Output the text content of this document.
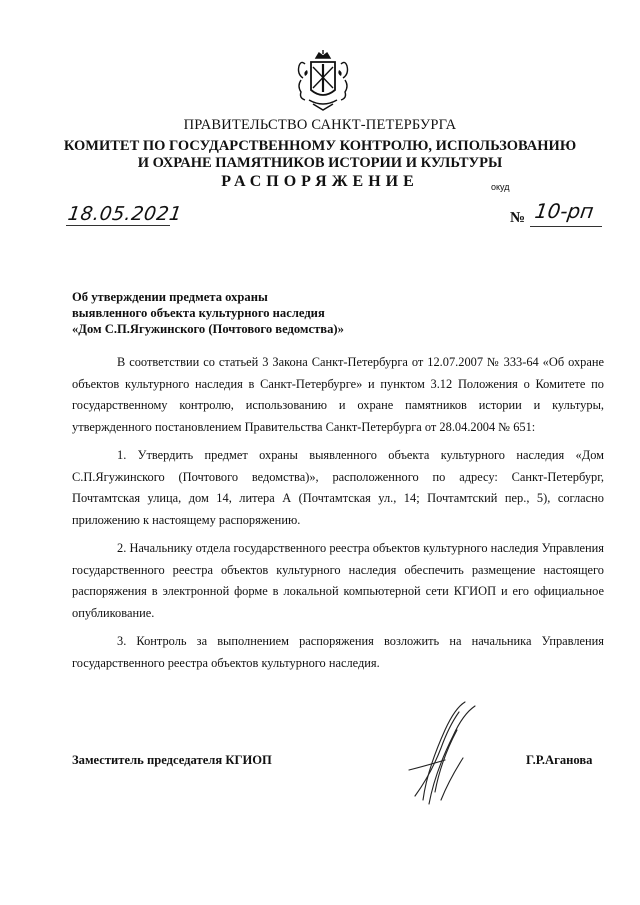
ПРАВИТЕЛЬСТВО САНКТ-ПЕТЕРБУРГА
КОМИТЕТ ПО ГОСУДАРСТВЕННОМУ КОНТРОЛЮ, ИСПОЛЬЗОВАНИЮ
И ОХРАНЕ ПАМЯТНИКОВ ИСТОРИИ И КУЛЬТУРЫ
РАСПОРЯЖЕНИЕ	окуд
18.05.2021	№ 10-рп
Об утверждении предмета охраны
выявленного объекта культурного наследия
«Дом С.П.Ягужинского (Почтового ведомства)»

В соответствии со статьей 3 Закона Санкт-Петербурга от 12.07.2007 № 333-64 «Об охране объектов культурного наследия в Санкт-Петербурге» и пунктом 3.12 Положения о Комитете по государственному контролю, использованию и охране памятников истории и культуры, утвержденного постановлением Правительства Санкт-Петербурга от 28.04.2004 № 651:

1. Утвердить предмет охраны выявленного объекта культурного наследия «Дом С.П.Ягужинского (Почтового ведомства)», расположенного по адресу: Санкт-Петербург, Почтамтская улица, дом 14, литера А (Почтамтская ул., 14; Почтамтский пер., 5), согласно приложению к настоящему распоряжению.

2. Начальнику отдела государственного реестра объектов культурного наследия Управления государственного реестра объектов культурного наследия обеспечить размещение настоящего распоряжения в электронной форме в локальной компьютерной сети КГИОП и его официальное опубликование.

3. Контроль за выполнением распоряжения возложить на начальника Управления государственного реестра объектов культурного наследия.

Заместитель председателя КГИОП	Г.Р.Аганова
